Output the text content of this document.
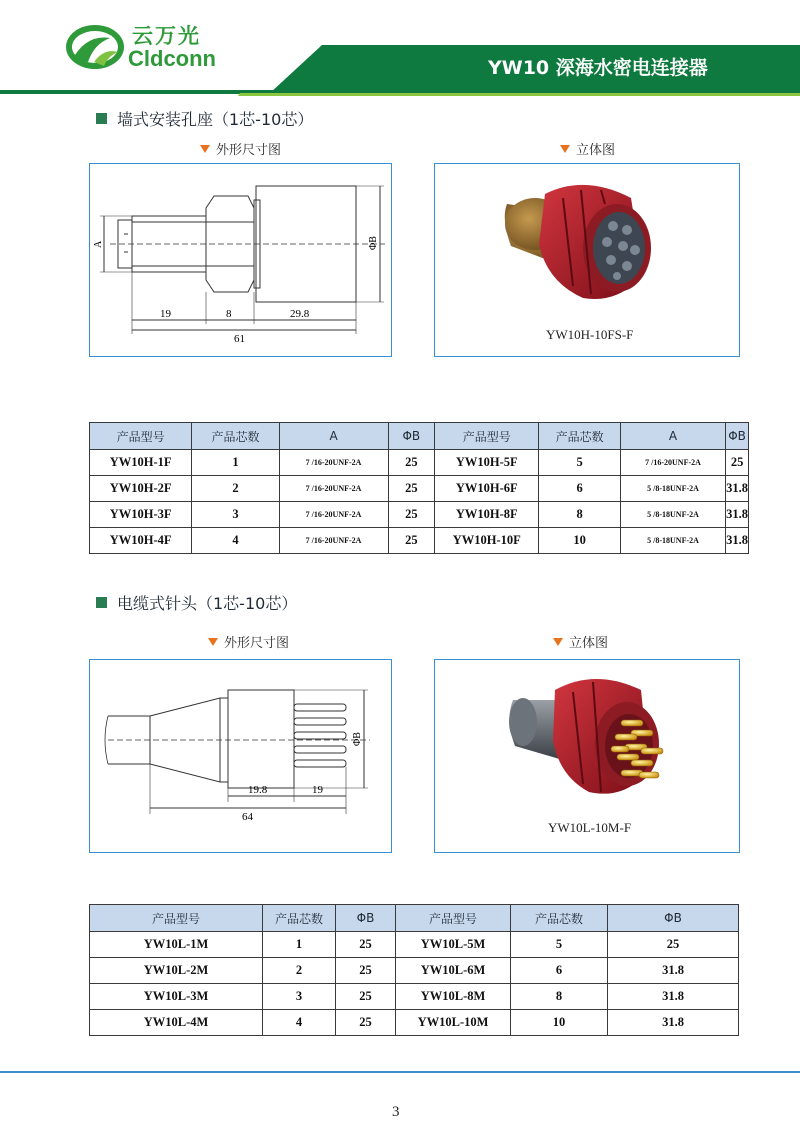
云万光
Cldconn	YW10 深海水密电连接器
墙式安装孔座（1芯-10芯）
外形尺寸图	立体图
A	ΦB
19	8	29.8
61	YW10H-10FS-F
产品型号	产品芯数	A	ΦB	产品型号	产品芯数	A	ΦB
YW10H-1F	1	7 /16-20UNF-2A	25	YW10H-5F	5	7 /16-20UNF-2A	25
YW10H-2F	2	7 /16-20UNF-2A	25	YW10H-6F	6	5 /8-18UNF-2A	31.8
YW10H-3F	3	7 /16-20UNF-2A	25	YW10H-8F	8	5 /8-18UNF-2A	31.8
YW10H-4F	4	7 /16-20UNF-2A	25	YW10H-10F	10	5 /8-18UNF-2A	31.8
电缆式针头（1芯-10芯）
外形尺寸图	立体图
ΦB
19.8	19
64
YW10L-10M-F
产品型号	产品芯数	ΦB	产品型号	产品芯数	ΦB
YW10L-1M	1	25	YW10L-5M	5	25
YW10L-2M	2	25	YW10L-6M	6	31.8
YW10L-3M	3	25	YW10L-8M	8	31.8
YW10L-4M	4	25	YW10L-10M	10	31.8
3
